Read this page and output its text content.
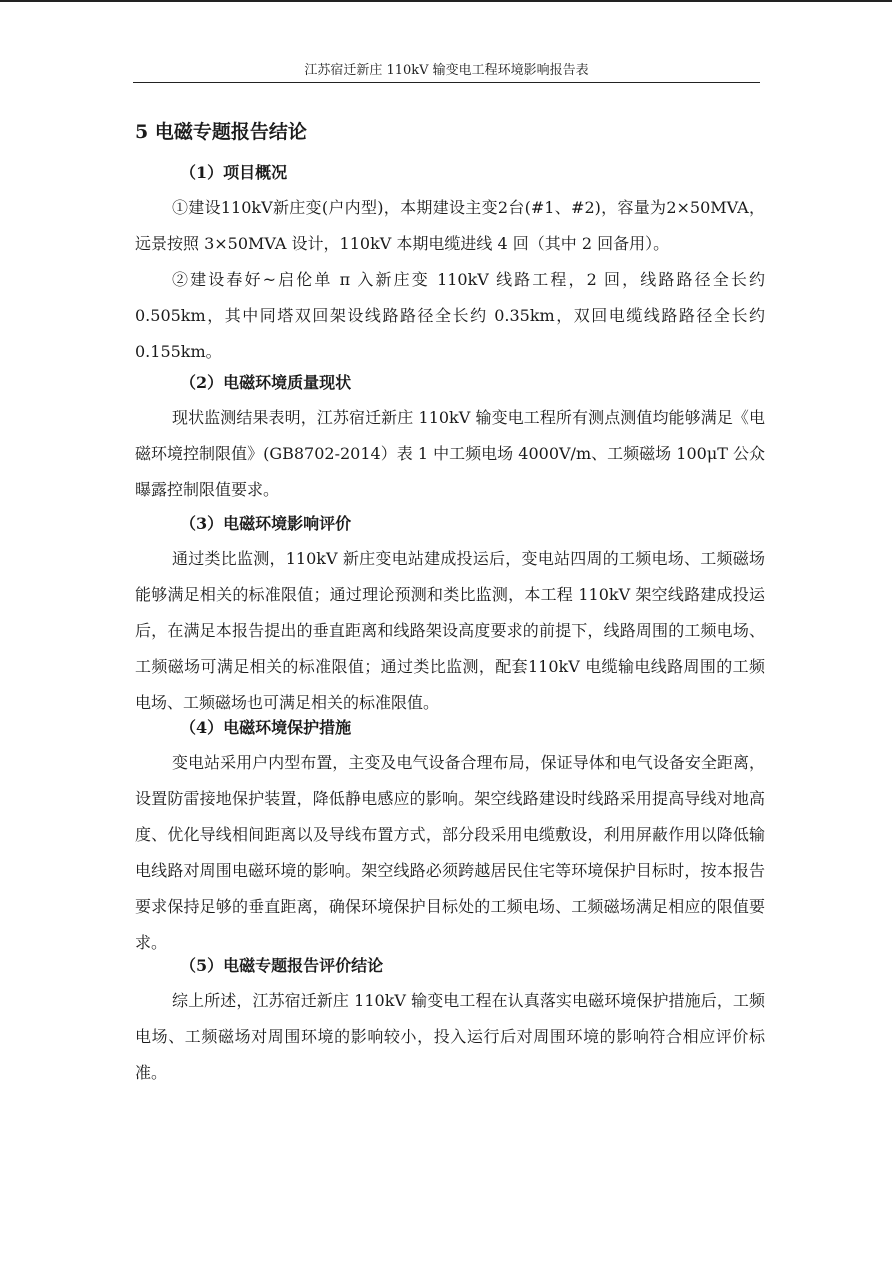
江苏宿迁新庄 110kV 输变电工程环境影响报告表
5 电磁专题报告结论
（1）项目概况

①建设110kV新庄变(户内型)，本期建设主变2台(#1、#2)，容量为2×50MVA，远景按照 3×50MVA 设计，110kV 本期电缆进线 4 回（其中 2 回备用）。

②建设春好~启伦单 π 入新庄变 110kV 线路工程，2 回，线路路径全长约 0.505km，其中同塔双回架设线路路径全长约 0.35km，双回电缆线路路径全长约 0.155km。

（2）电磁环境质量现状

现状监测结果表明，江苏宿迁新庄 110kV 输变电工程所有测点测值均能够满足《电磁环境控制限值》(GB8702-2014）表 1 中工频电场 4000V/m、工频磁场 100μT 公众曝露控制限值要求。

（3）电磁环境影响评价

通过类比监测，110kV 新庄变电站建成投运后，变电站四周的工频电场、工频磁场能够满足相关的标准限值；通过理论预测和类比监测，本工程 110kV 架空线路建成投运后，在满足本报告提出的垂直距离和线路架设高度要求的前提下，线路周围的工频电场、工频磁场可满足相关的标准限值；通过类比监测，配套110kV 电缆输电线路周围的工频电场、工频磁场也可满足相关的标准限值。

（4）电磁环境保护措施

变电站采用户内型布置，主变及电气设备合理布局，保证导体和电气设备安全距离，设置防雷接地保护装置，降低静电感应的影响。架空线路建设时线路采用提高导线对地高度、优化导线相间距离以及导线布置方式，部分段采用电缆敷设，利用屏蔽作用以降低输电线路对周围电磁环境的影响。架空线路必须跨越居民住宅等环境保护目标时，按本报告要求保持足够的垂直距离，确保环境保护目标处的工频电场、工频磁场满足相应的限值要求。

（5）电磁专题报告评价结论

综上所述，江苏宿迁新庄 110kV 输变电工程在认真落实电磁环境保护措施后，工频电场、工频磁场对周围环境的影响较小，投入运行后对周围环境的影响符合相应评价标准。
